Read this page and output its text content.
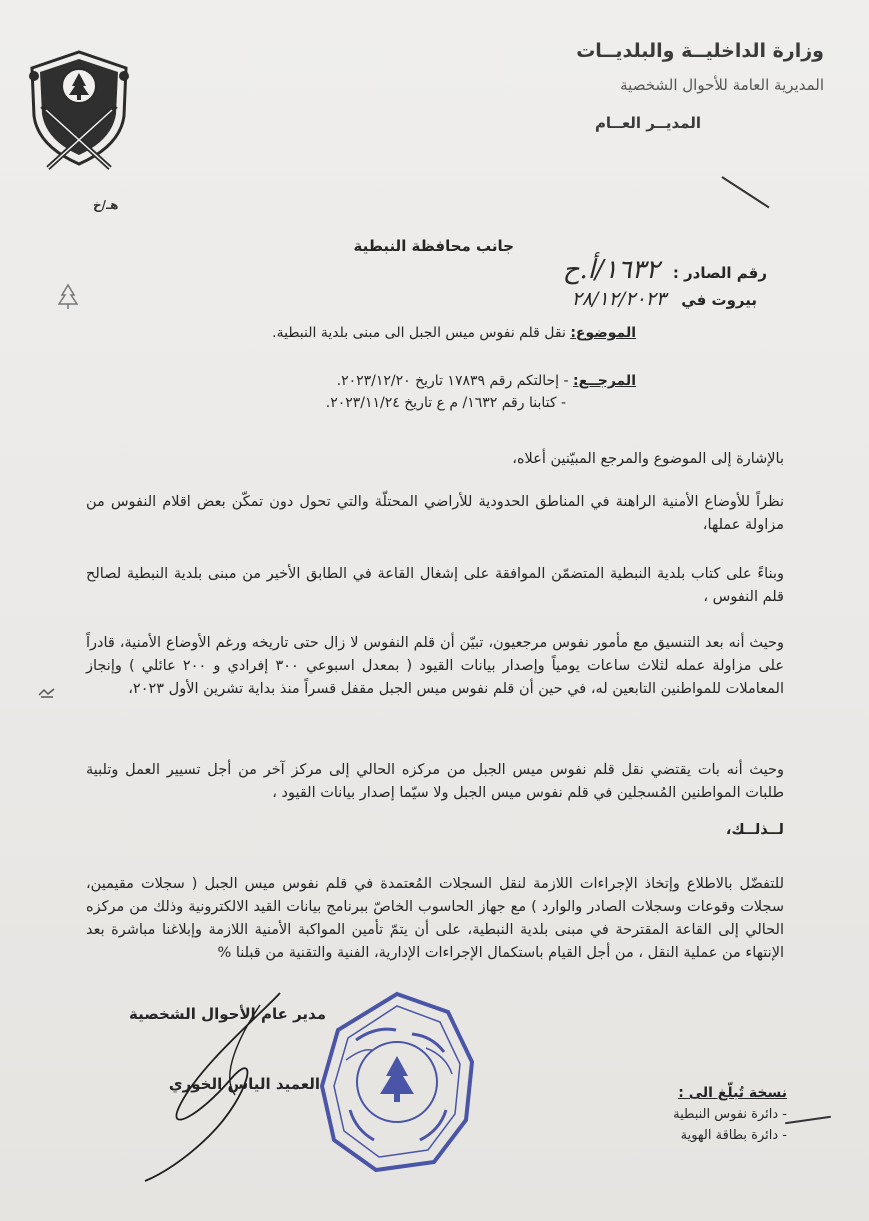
هـ/خ
وزارة الداخليــة والبلديــات
المديرية العامة للأحوال الشخصية
المديــر العــام
جانب محافظة النبطية
رقم الصادر : ١٦٣٢/أ.ح
بيروت في ٢٨/١٢/٢٠٢٣
الموضوع: نقل قلم نفوس ميس الجبل الى مبنى بلدية النبطية.
المرجــع: - إحالتكم رقم ١٧٨٣٩ تاريخ ٢٠٢٣/١٢/٢٠.
- كتابنا رقم ١٦٣٢/ م ع تاريخ ٢٠٢٣/١١/٢٤.
بالإشارة إلى الموضوع والمرجع المبيّنين أعلاه،
نظراً للأوضاع الأمنية الراهنة في المناطق الحدودية للأراضي المحتلّة والتي تحول دون تمكّن بعض اقلام النفوس من مزاولة عملها،
وبناءً على كتاب بلدية النبطية المتضمّن الموافقة على إشغال القاعة في الطابق الأخير من مبنى بلدية النبطية لصالح قلم النفوس ،
وحيث أنه بعد التنسيق مع مأمور نفوس مرجعيون، تبيّن أن قلم النفوس لا زال حتى تاريخه ورغم الأوضاع الأمنية، قادراً على مزاولة عمله لثلاث ساعات يومياً وإصدار بيانات القيود ( بمعدل اسبوعي ٣٠٠ إفرادي و ٢٠٠ عائلي ) وإنجاز المعاملات للمواطنين التابعين له، في حين أن قلم نفوس ميس الجبل مقفل قسراً منذ بداية تشرين الأول ٢٠٢٣،
وحيث أنه بات يقتضي نقل قلم نفوس ميس الجبل من مركزه الحالي إلى مركز آخر من أجل تسيير العمل وتلبية طلبات المواطنين المُسجلين في قلم نفوس ميس الجبل ولا سيّما إصدار بيانات القيود ،
لــذلــك،
للتفضّل بالاطلاع وإتخاذ الإجراءات اللازمة لنقل السجلات المُعتمدة في قلم نفوس ميس الجبل ( سجلات مقيمين، سجلات وقوعات وسجلات الصادر والوارد ) مع جهاز الحاسوب الخاصّ ببرنامج بيانات القيد الالكترونية وذلك من مركزه الحالي إلى القاعة المقترحة في مبنى بلدية النبطية، على أن يتمّ تأمين المواكبة الأمنية اللازمة وإبلاغنا مباشرة بعد الإنتهاء من عملية النقل ، من أجل القيام باستكمال الإجراءات الإدارية، الفنية والتقنية من قبلنا %
مدير عام الأحوال الشخصية
العميد الياس الخوري	نسخة تُبلّغ الى :
- دائرة نفوس النبطية
- دائرة بطاقة الهوية
